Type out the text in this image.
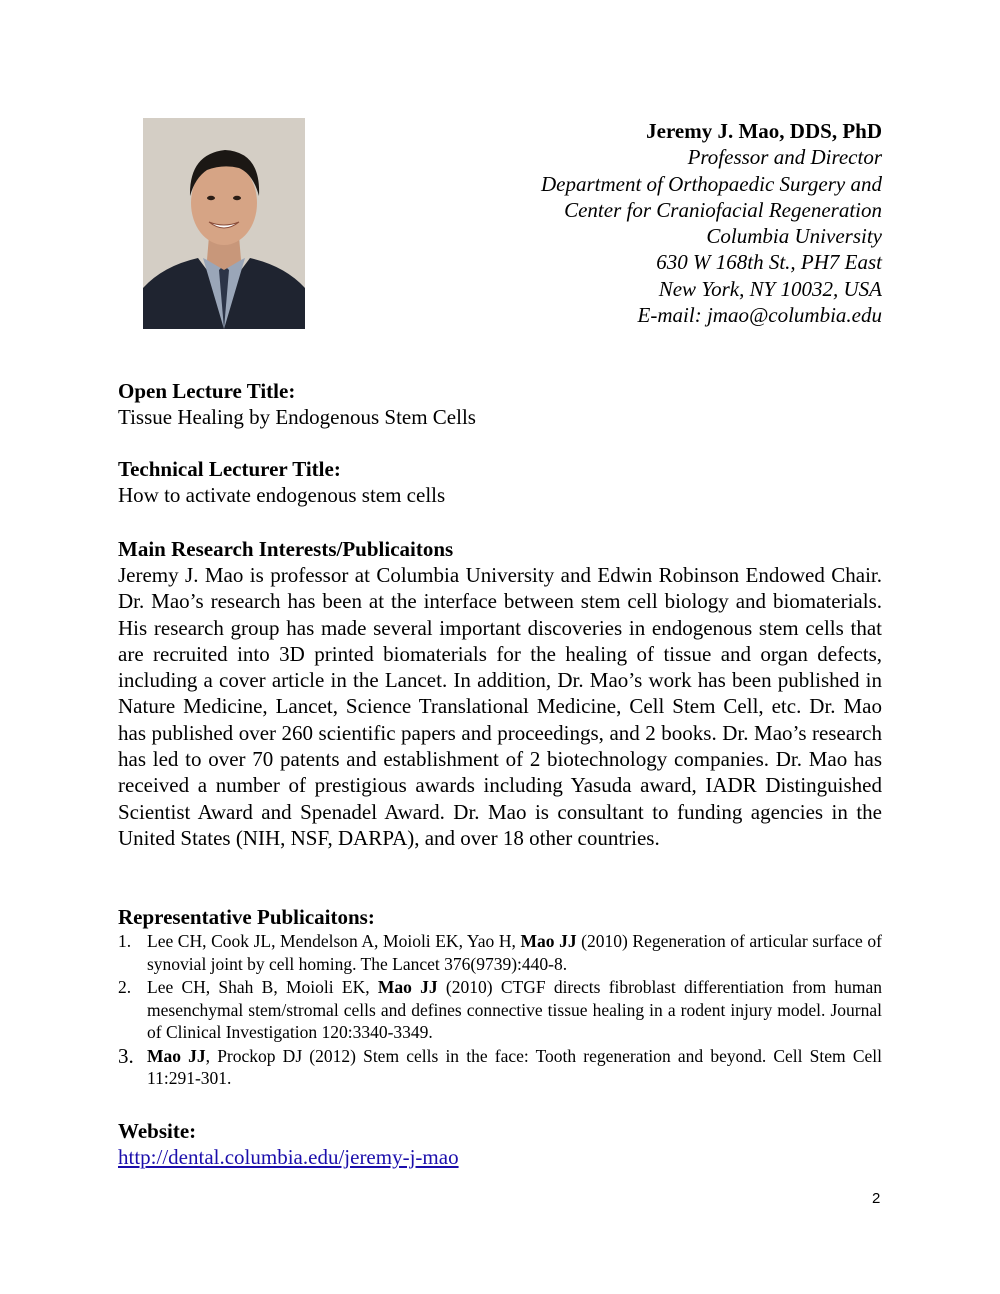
Jeremy J. Mao, DDS, PhD
Professor and Director
Department of Orthopaedic Surgery and
Center for Craniofacial Regeneration
Columbia University
630 W 168th St., PH7 East
New York, NY 10032, USA
E-mail: jmao@columbia.edu
Open Lecture Title:
Tissue Healing by Endogenous Stem Cells
Technical Lecturer Title:
How to activate endogenous stem cells
Main Research Interests/Publicaitons
Jeremy J. Mao is professor at Columbia University and Edwin Robinson Endowed Chair. Dr. Mao’s research has been at the interface between stem cell biology and biomaterials. His research group has made several important discoveries in endogenous stem cells that are recruited into 3D printed biomaterials for the healing of tissue and organ defects, including a cover article in the Lancet. In addition, Dr. Mao’s work has been published in Nature Medicine, Lancet, Science Translational Medicine, Cell Stem Cell, etc. Dr. Mao has published over 260 scientific papers and proceedings, and 2 books. Dr. Mao’s research has led to over 70 patents and establishment of 2 biotechnology companies. Dr. Mao has received a number of prestigious awards including Yasuda award, IADR Distinguished Scientist Award and Spenadel Award. Dr. Mao is consultant to funding agencies in the United States (NIH, NSF, DARPA), and over 18 other countries.
Representative Publicaitons:
1. Lee CH, Cook JL, Mendelson A, Moioli EK, Yao H, Mao JJ (2010) Regeneration of articular surface of synovial joint by cell homing. The Lancet 376(9739):440-8.
2. Lee CH, Shah B, Moioli EK, Mao JJ (2010) CTGF directs fibroblast differentiation from human mesenchymal stem/stromal cells and defines connective tissue healing in a rodent injury model. Journal of Clinical Investigation 120:3340-3349.
3. Mao JJ, Prockop DJ (2012) Stem cells in the face: Tooth regeneration and beyond. Cell Stem Cell 11:291-301.
Website:
http://dental.columbia.edu/jeremy-j-mao
2
